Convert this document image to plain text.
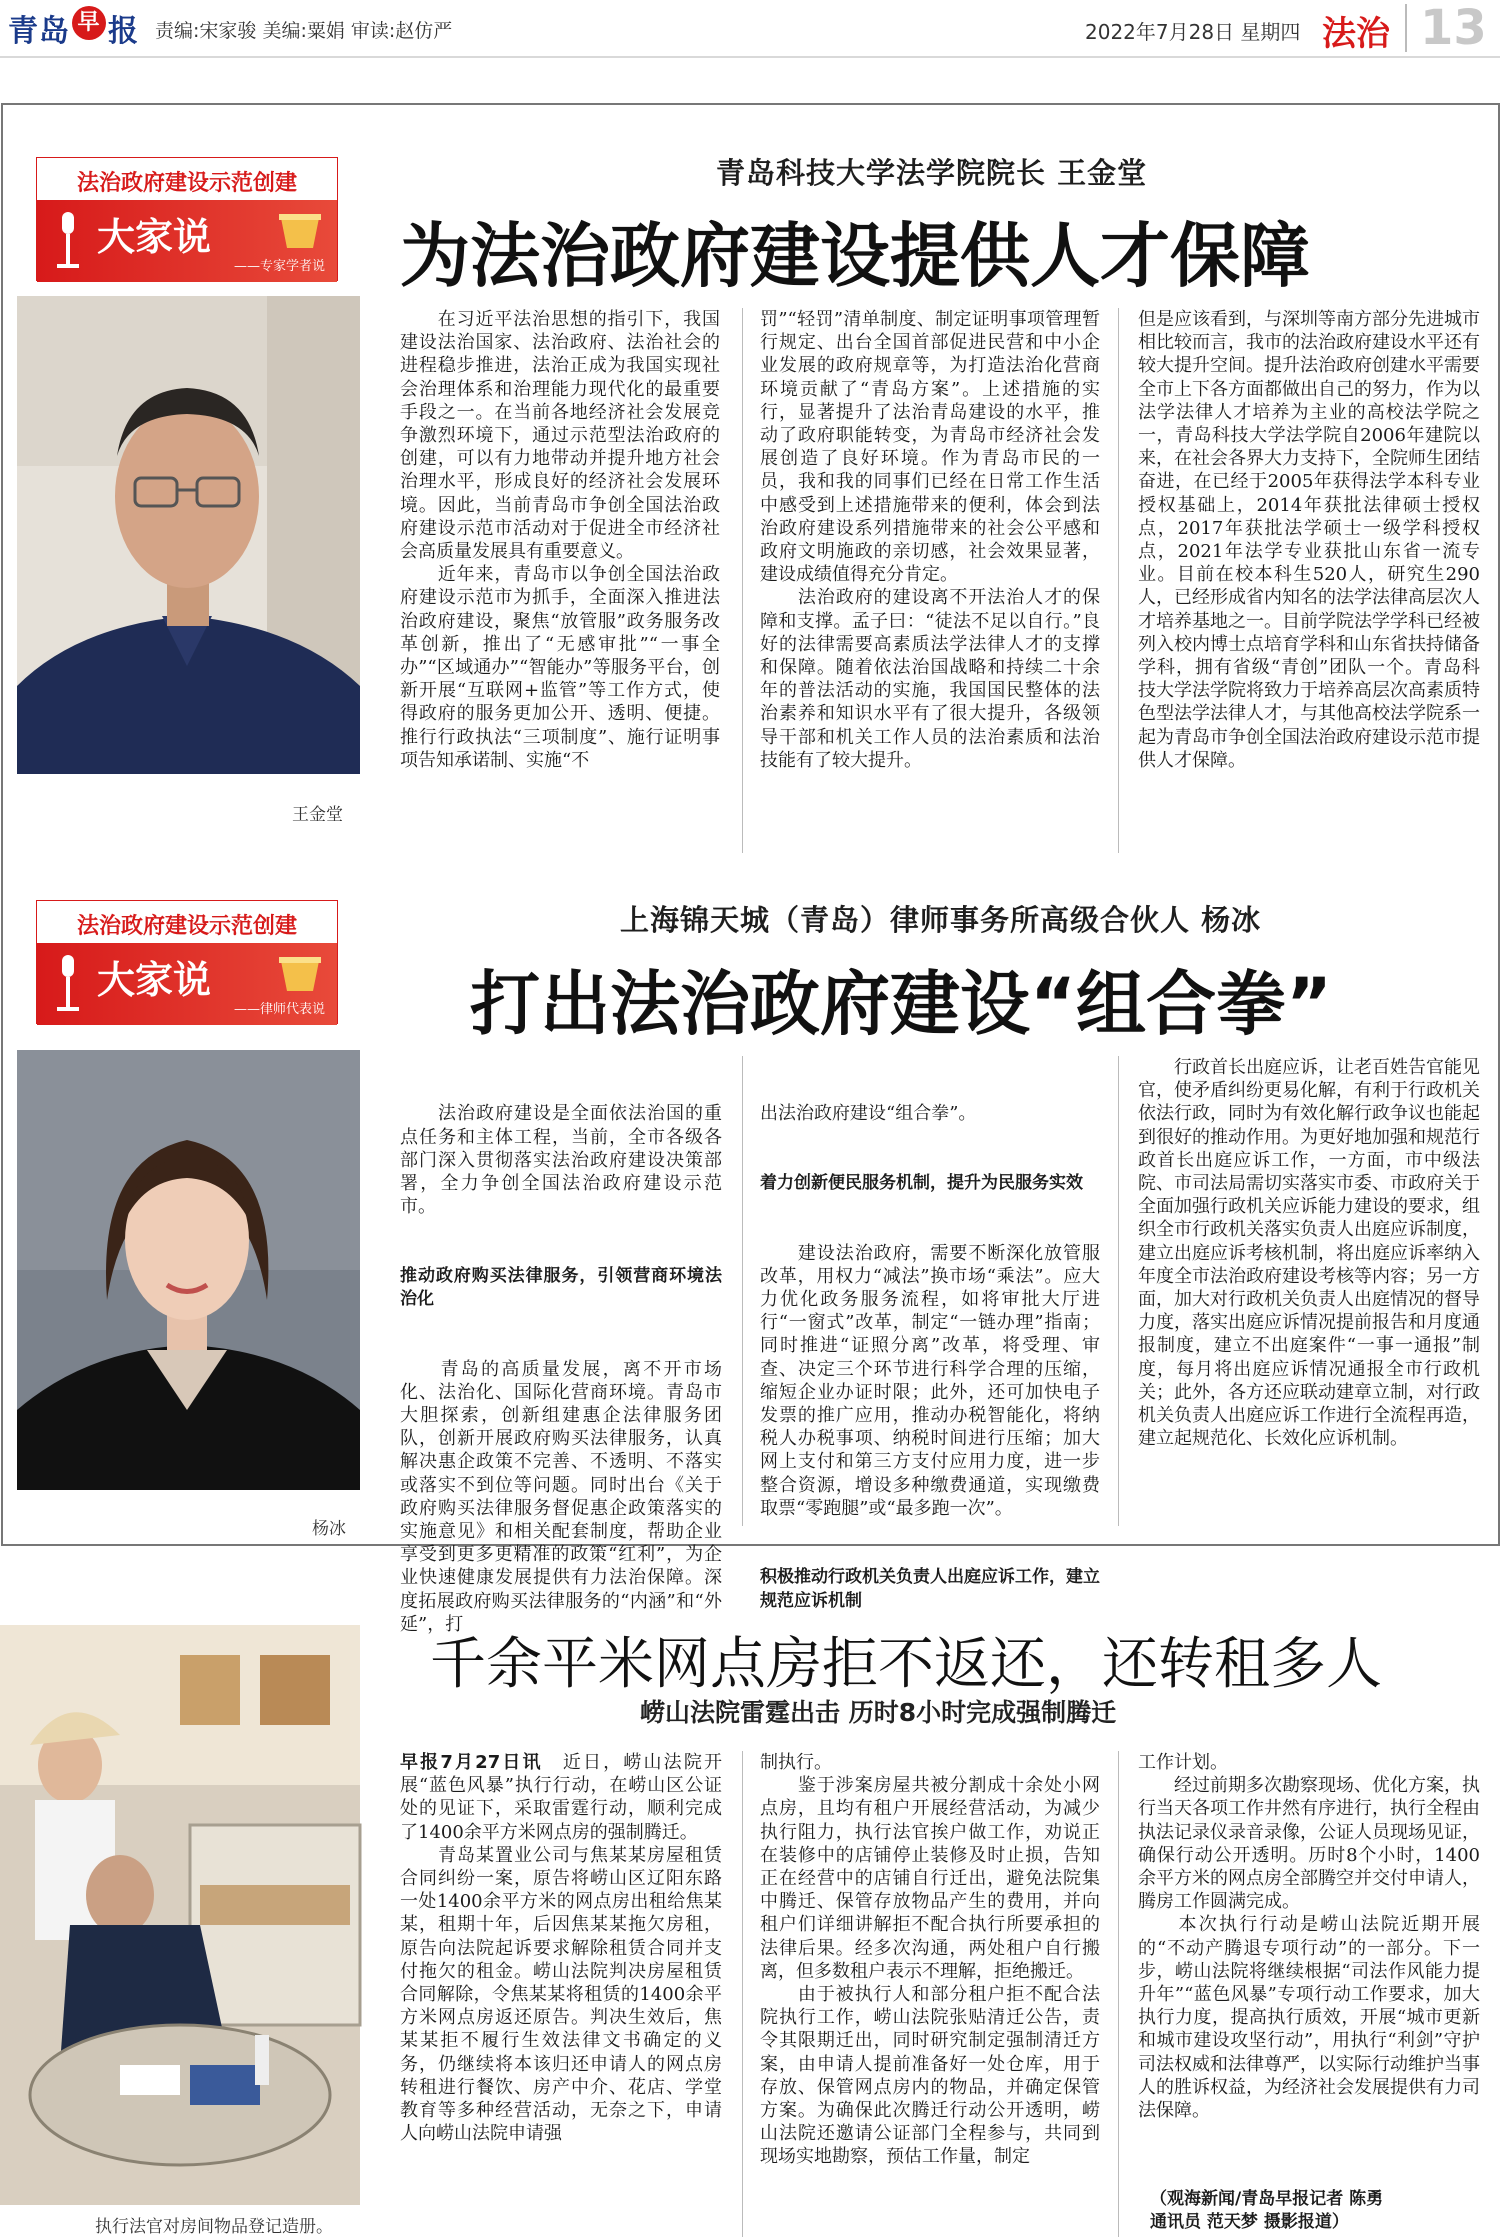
青岛 早 报 责编:宋家骏 美编:粟娟 审读:赵仿严	2022年7月28日 星期四 法治 13
法治政府建设示范创建
大家说
——专家学者说
青岛科技大学法学院院长 王金堂
为法治政府建设提供人才保障
王金堂
　　在习近平法治思想的指引下，我国建设法治国家、法治政府、法治社会的进程稳步推进，法治正成为我国实现社会治理体系和治理能力现代化的最重要手段之一。在当前各地经济社会发展竞争激烈环境下，通过示范型法治政府的创建，可以有力地带动并提升地方社会治理水平，形成良好的经济社会发展环境。因此，当前青岛市争创全国法治政府建设示范市活动对于促进全市经济社会高质量发展具有重要意义。
　　近年来，青岛市以争创全国法治政府建设示范市为抓手，全面深入推进法治政府建设，聚焦“放管服”政务服务改革创新，推出了“无感审批”“一事全办”“区域通办”“智能办”等服务平台，创新开展“互联网+监管”等工作方式，使得政府的服务更加公开、透明、便捷。推行行政执法“三项制度”、施行证明事项告知承诺制、实施“不
罚”“轻罚”清单制度、制定证明事项管理暂行规定、出台全国首部促进民营和中小企业发展的政府规章等，为打造法治化营商环境贡献了“青岛方案”。上述措施的实行，显著提升了法治青岛建设的水平，推动了政府职能转变，为青岛市经济社会发展创造了良好环境。作为青岛市民的一员，我和我的同事们已经在日常工作生活中感受到上述措施带来的便利，体会到法治政府建设系列措施带来的社会公平感和政府文明施政的亲切感，社会效果显著，建设成绩值得充分肯定。
　　法治政府的建设离不开法治人才的保障和支撑。孟子曰：“徒法不足以自行。”良好的法律需要高素质法学法律人才的支撑和保障。随着依法治国战略和持续二十余年的普法活动的实施，我国国民整体的法治素养和知识水平有了很大提升，各级领导干部和机关工作人员的法治素质和法治技能有了较大提升。
但是应该看到，与深圳等南方部分先进城市相比较而言，我市的法治政府建设水平还有较大提升空间。提升法治政府创建水平需要全市上下各方面都做出自己的努力，作为以法学法律人才培养为主业的高校法学院之一，青岛科技大学法学院自2006年建院以来，在社会各界大力支持下，全院师生团结奋进，在已经于2005年获得法学本科专业授权基础上，2014年获批法律硕士授权点，2017年获批法学硕士一级学科授权点，2021年法学专业获批山东省一流专业。目前在校本科生520人，研究生290人，已经形成省内知名的法学法律高层次人才培养基地之一。目前学院法学学科已经被列入校内博士点培育学科和山东省扶持储备学科，拥有省级“青创”团队一个。青岛科技大学法学院将致力于培养高层次高素质特色型法学法律人才，与其他高校法学院系一起为青岛市争创全国法治政府建设示范市提供人才保障。
法治政府建设示范创建
大家说
——律师代表说
上海锦天城（青岛）律师事务所高级合伙人 杨冰
打出法治政府建设“组合拳”
杨冰

　　法治政府建设是全面依法治国的重点任务和主体工程，当前，全市各级各部门深入贯彻落实法治政府建设决策部署，全力争创全国法治政府建设示范市。

推动政府购买法律服务，引领营商环境法治化

　　青岛的高质量发展，离不开市场化、法治化、国际化营商环境。青岛市大胆探索，创新组建惠企法律服务团队，创新开展政府购买法律服务，认真解决惠企政策不完善、不透明、不落实或落实不到位等问题。同时出台《关于政府购买法律服务督促惠企政策落实的实施意见》和相关配套制度，帮助企业享受到更多更精准的政策“红利”，为企业快速健康发展提供有力法治保障。深度拓展政府购买法律服务的“内涵”和“外延”，打

出法治政府建设“组合拳”。

着力创新便民服务机制，提升为民服务实效

　　建设法治政府，需要不断深化放管服改革，用权力“减法”换市场“乘法”。应大力优化政务服务流程，如将审批大厅进行“一窗式”改革，制定“一链办理”指南；同时推进“证照分离”改革，将受理、审查、决定三个环节进行科学合理的压缩，缩短企业办证时限；此外，还可加快电子发票的推广应用，推动办税智能化，将纳税人办税事项、纳税时间进行压缩；加大网上支付和第三方支付应用力度，进一步整合资源，增设多种缴费通道，实现缴费取票“零跑腿”或“最多跑一次”。

积极推动行政机关负责人出庭应诉工作，建立规范应诉机制

　　行政首长出庭应诉，让老百姓告官能见官，使矛盾纠纷更易化解，有利于行政机关依法行政，同时为有效化解行政争议也能起到很好的推动作用。为更好地加强和规范行政首长出庭应诉工作，一方面，市中级法院、市司法局需切实落实市委、市政府关于全面加强行政机关应诉能力建设的要求，组织全市行政机关落实负责人出庭应诉制度，建立出庭应诉考核机制，将出庭应诉率纳入年度全市法治政府建设考核等内容；另一方面，加大对行政机关负责人出庭情况的督导力度，落实出庭应诉情况提前报告和月度通报制度，建立不出庭案件“一事一通报”制度，每月将出庭应诉情况通报全市行政机关；此外，各方还应联动建章立制，对行政机关负责人出庭应诉工作进行全流程再造，建立起规范化、长效化应诉机制。
执行法官对房间物品登记造册。
千余平米网点房拒不返还，还转租多人
崂山法院雷霆出击 历时8小时完成强制腾迁
早报7月27日讯　近日，崂山法院开展“蓝色风暴”执行行动，在崂山区公证处的见证下，采取雷霆行动，顺利完成了1400余平方米网点房的强制腾迁。
　　青岛某置业公司与焦某某房屋租赁合同纠纷一案，原告将崂山区辽阳东路一处1400余平方米的网点房出租给焦某某，租期十年，后因焦某某拖欠房租，原告向法院起诉要求解除租赁合同并支付拖欠的租金。崂山法院判决房屋租赁合同解除，令焦某某将租赁的1400余平方米网点房返还原告。判决生效后，焦某某拒不履行生效法律文书确定的义务，仍继续将本该归还申请人的网点房转租进行餐饮、房产中介、花店、学堂教育等多种经营活动，无奈之下，申请人向崂山法院申请强
制执行。
　　鉴于涉案房屋共被分割成十余处小网点房，且均有租户开展经营活动，为减少执行阻力，执行法官挨户做工作，劝说正在装修中的店铺停止装修及时止损，告知正在经营中的店铺自行迁出，避免法院集中腾迁、保管存放物品产生的费用，并向租户们详细讲解拒不配合执行所要承担的法律后果。经多次沟通，两处租户自行搬离，但多数租户表示不理解，拒绝搬迁。
　　由于被执行人和部分租户拒不配合法院执行工作，崂山法院张贴清迁公告，责令其限期迁出，同时研究制定强制清迁方案，由申请人提前准备好一处仓库，用于存放、保管网点房内的物品，并确定保管方案。为确保此次腾迁行动公开透明，崂山法院还邀请公证部门全程参与，共同到现场实地勘察，预估工作量，制定
工作计划。
　　经过前期多次勘察现场、优化方案，执行当天各项工作井然有序进行，执行全程由执法记录仪录音录像，公证人员现场见证，确保行动公开透明。历时8个小时，1400余平方米的网点房全部腾空并交付申请人，腾房工作圆满完成。
　　本次执行行动是崂山法院近期开展的“不动产腾退专项行动”的一部分。下一步，崂山法院将继续根据“司法作风能力提升年”“蓝色风暴”专项行动工作要求，加大执行力度，提高执行质效，开展“城市更新和城市建设攻坚行动”，用执行“利剑”守护司法权威和法律尊严，以实际行动维护当事人的胜诉权益，为经济社会发展提供有力司法保障。
（观海新闻/青岛早报记者 陈勇
通讯员 范天梦 摄影报道）
